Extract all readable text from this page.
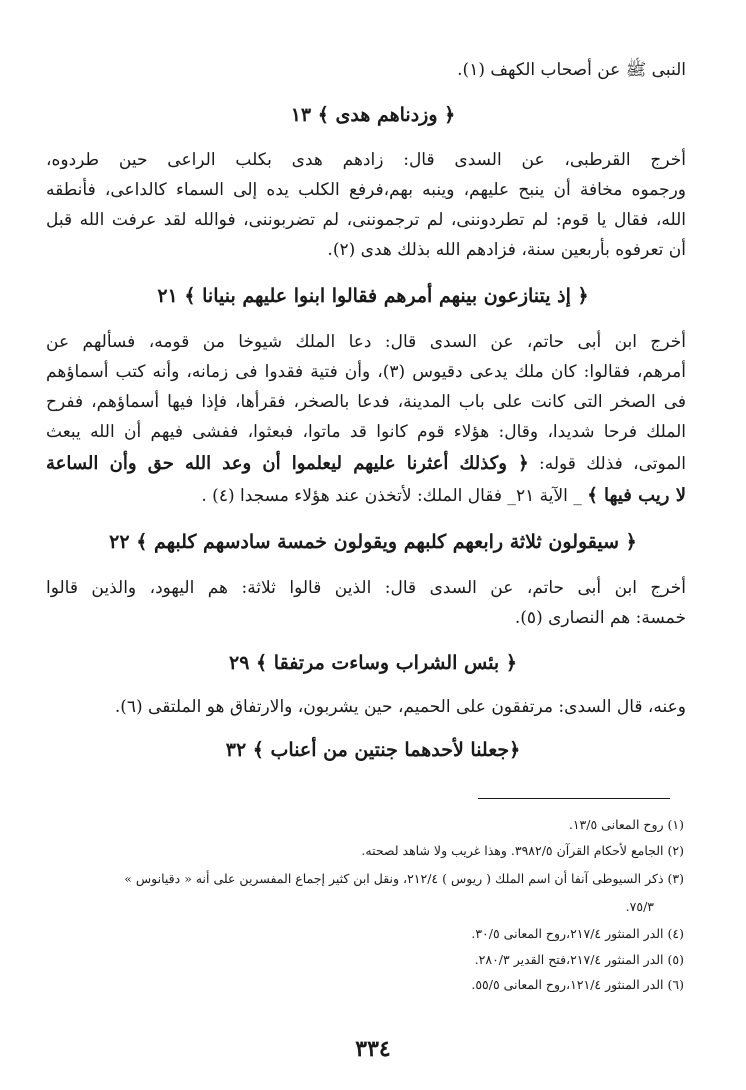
النبى ﷺ عن أصحاب الكهف (١).
﴿ وزدناهم هدى ﴾ ١٣
أخرج القرطبى، عن السدى قال: زادهم هدى بكلب الراعى حين طردوه،
ورجموه مخافة أن ينبح عليهم، وينبه بهم،فرفع الكلب يده إلى السماء كالداعى، فأنطقه
الله، فقال يا قوم: لم تطردوننى، لم ترجموننى، لم تضربوننى، فوالله لقد عرفت الله قبل
أن تعرفوه بأربعين سنة، فزادهم الله بذلك هدى (٢).
﴿ إذ يتنازعون بينهم أمرهم فقالوا ابنوا عليهم بنيانا ﴾ ٢١
أخرج ابن أبى حاتم، عن السدى قال: دعا الملك شيوخا من قومه، فسألهم عن
أمرهم، فقالوا: كان ملك يدعى دقيوس (٣)، وأن فتية فقدوا فى زمانه، وأنه كتب أسماؤهم
فى الصخر التى كانت على باب المدينة، فدعا بالصخر، فقرأها، فإذا فيها أسماؤهم، ففرح
الملك فرحا شديدا، وقال: هؤلاء قوم كانوا قد ماتوا، فبعثوا، ففشى فيهم أن الله يبعث
الموتى، فذلك قوله: ﴿ وكذلك أعثرنا عليهم ليعلموا أن وعد الله حق وأن الساعة
لا ريب فيها ﴾ _ الآية ٢١_ فقال الملك: لأتخذن عند هؤلاء مسجدا (٤) .
﴿ سيقولون ثلاثة رابعهم كلبهم ويقولون خمسة سادسهم كلبهم ﴾ ٢٢
أخرج ابن أبى حاتم، عن السدى قال: الذين قالوا ثلاثة: هم اليهود، والذين قالوا
خمسة: هم النصارى (٥).
﴿ بئس الشراب وساءت مرتفقا ﴾ ٢٩
وعنه، قال السدى: مرتفقون على الحميم، حين يشربون، والارتفاق هو الملتقى (٦).
﴿جعلنا لأحدهما جنتين من أعناب ﴾ ٣٢
(١) روح المعانى ١٣/٥.
(٢) الجامع لأحكام القرآن ٣٩٨٢/٥. وهذا غريب ولا شاهد لصحته.
(٣) ذكر السيوطى آنفا أن اسم الملك ( ريوس ) ٢١٢/٤، ونقل ابن كثير إجماع المفسرين على أنه « دقيانوس »
٧٥/٣.
(٤) الدر المنثور ٢١٧/٤،روح المعانى ٣٠/٥.
(٥) الدر المنثور ٢١٧/٤،فتح القدير ٢٨٠/٣.
(٦) الدر المنثور ١٢١/٤،روح المعانى ٥٥/٥.
٣٣٤
